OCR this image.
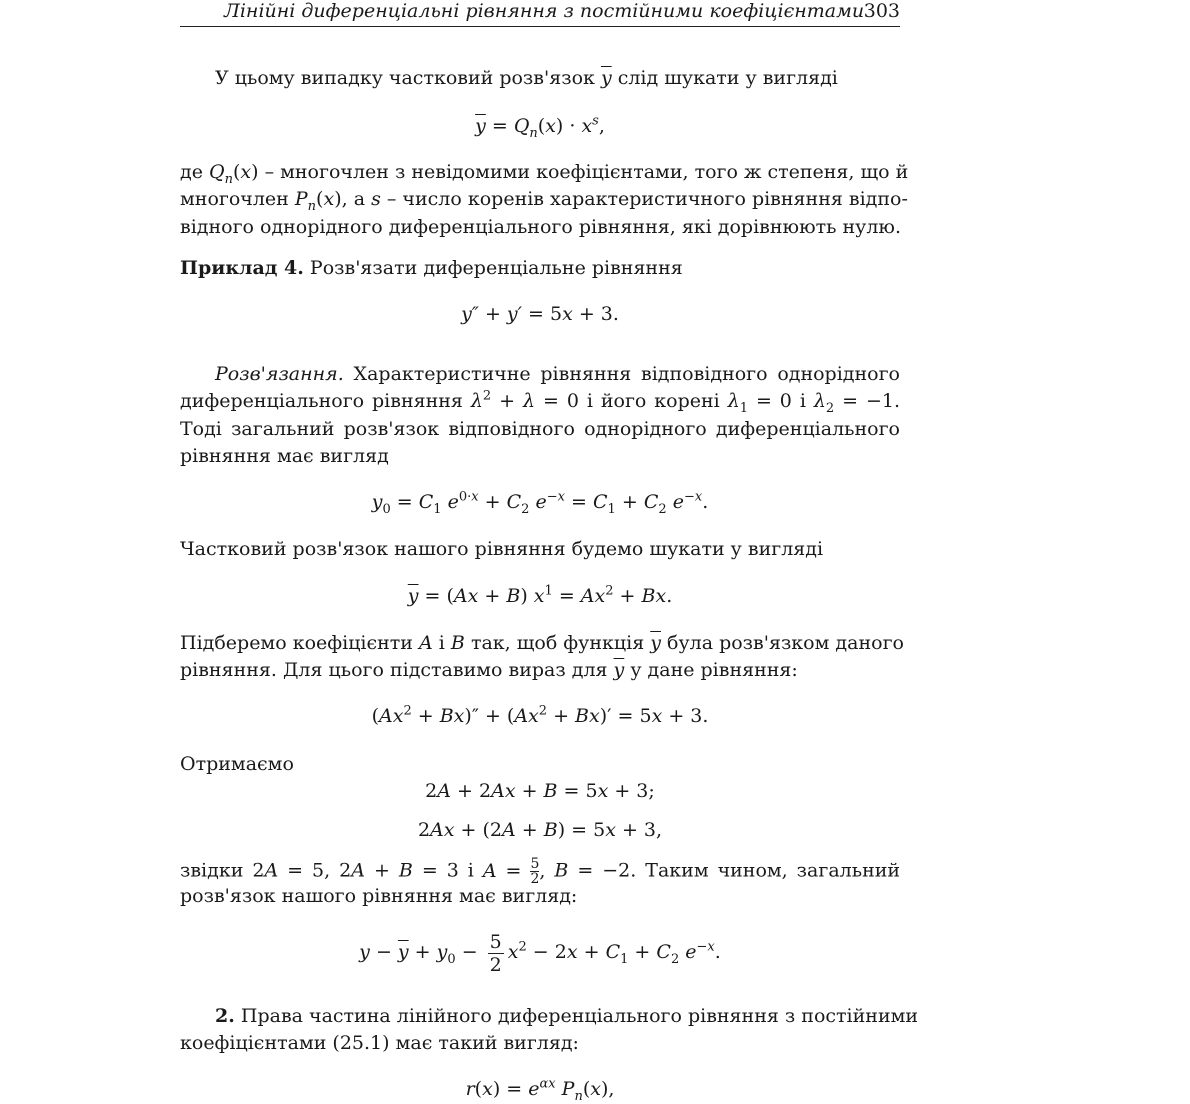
Лінійні диференціальні рівняння з постійними коефіцієнтами 303
У цьому випадку частковий розв'язок $\overline{y}$ слід шукати у вигляді
$\overline{y} = Q_n(x) \cdot x^s$,
де $Q_n(x)$ – многочлен з невідомими коефіцієнтами, того ж степеня, що й
многочлен $P_n(x)$, а s – число коренів характеристичного рівняння відпо-
відного однорідного диференціального рівняння, які дорівнюють нулю.
Приклад 4. Розв'язати диференціальне рівняння
y″ + y′ = 5x + 3.
Розв'язання. Характеристичне рівняння відповідного однорідного
диференціального рівняння $\lambda^2 + \lambda = 0$ і його корені $\lambda_1 = 0$ і $\lambda_2 = -1$.
Тоді загальний розв'язок відповідного однорідного диференціального
рівняння має вигляд
$y_0 = C_1$ $e^{0\cdot x} + C_2$ $e^{-x} = C_1 + C_2$ $e^{-x}$.
Частковий розв'язок нашого рівняння будемо шукати у вигляді
$\overline{y} = (Ax + B) x^1 = Ax^2 + Bx$.
Підберемо коефіцієнти A і B так, щоб функція $\overline{y}$ була розв'язком даного
рівняння. Для цього підставимо вираз для $\overline{y}$ у дане рівняння:
$(Ax^2 + Bx)'' + (Ax^2 + Bx)' = 5x + 3$.
Отримаємо
2A + 2Ax + B = 5x + 3;
2Ax + (2A + B) = 5x + 3,
звідки 2A = 5, 2A + B = 3 і $A = \frac{5}{2}$ , B = −2. Таким чином, загальний
розв'язок нашого рівняння має вигляд:
$y - \overline{y} + y_0 - \frac{5}{2} x^2 - 2x + C_1 + C_2$ $e^{-x}$.
2. Права частина лінійного диференціального рівняння з постійними
коефіцієнтами (25.1) має такий вигляд:
$r(x) = e^{\alpha x}$ $P_n(x)$,
